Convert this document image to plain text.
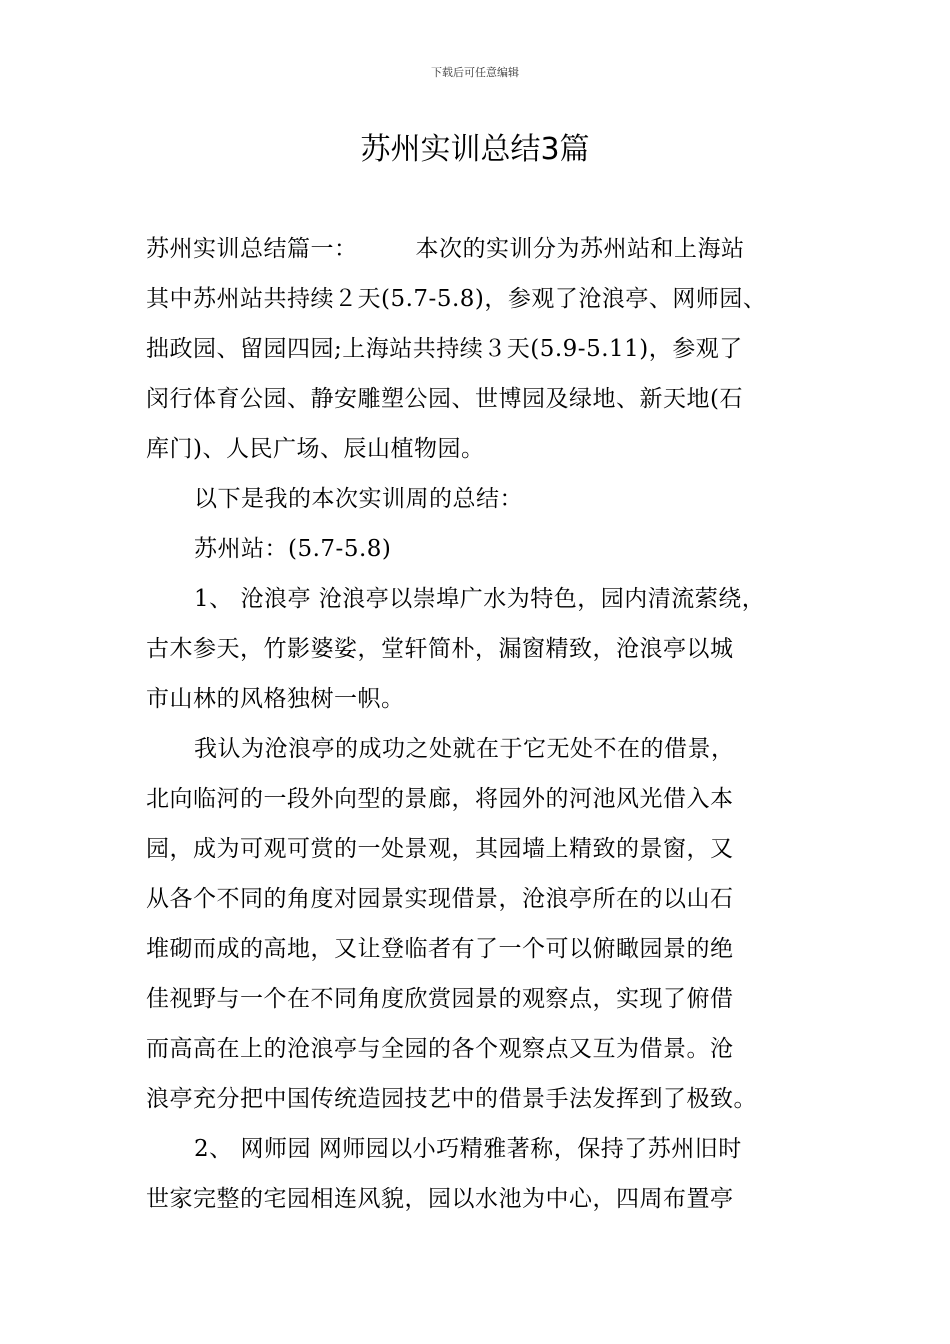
下载后可任意编辑
苏州实训总结3篇

苏州实训总结篇一：	本次的实训分为苏州站和上海站
其中苏州站共持续２天(5.7-5.8)，参观了沧浪亭、网师园、
拙政园、留园四园;上海站共持续３天(5.9-5.11)，参观了
闵行体育公园、静安雕塑公园、世博园及绿地、新天地(石
库门)、人民广场、辰山植物园。

以下是我的本次实训周的总结：

苏州站：(5.7-5.8)

1、 沧浪亭 沧浪亭以崇埠广水为特色，园内清流萦绕，
古木参天，竹影婆娑，堂轩简朴，漏窗精致，沧浪亭以城
市山林的风格独树一帜。

我认为沧浪亭的成功之处就在于它无处不在的借景，
北向临河的一段外向型的景廊，将园外的河池风光借入本
园，成为可观可赏的一处景观，其园墙上精致的景窗，又
从各个不同的角度对园景实现借景，沧浪亭所在的以山石
堆砌而成的高地，又让登临者有了一个可以俯瞰园景的绝
佳视野与一个在不同角度欣赏园景的观察点，实现了俯借
而高高在上的沧浪亭与全园的各个观察点又互为借景。沧
浪亭充分把中国传统造园技艺中的借景手法发挥到了极致。

2、 网师园 网师园以小巧精雅著称，保持了苏州旧时
世家完整的宅园相连风貌，园以水池为中心，四周布置亭
